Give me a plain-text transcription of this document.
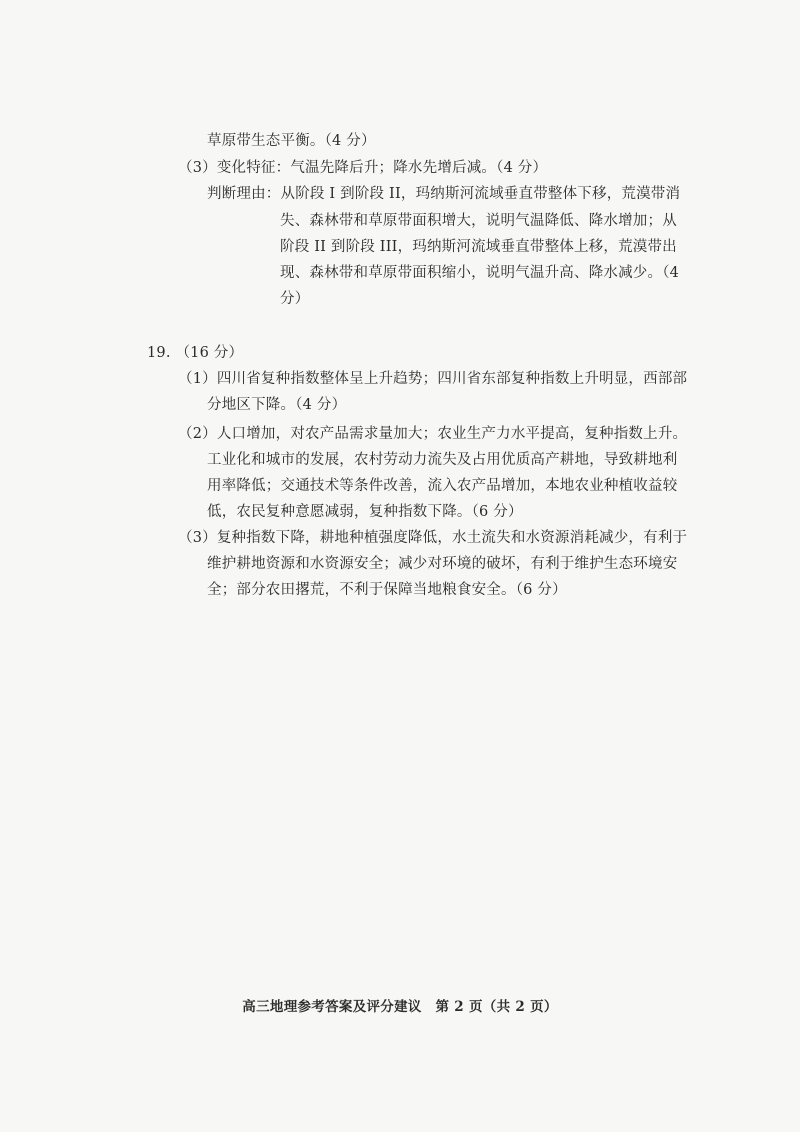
草原带生态平衡。（4 分）
（3）变化特征：气温先降后升；降水先增后减。（4 分）
判断理由：从阶段 I 到阶段 II，玛纳斯河流域垂直带整体下移，荒漠带消
失、森林带和草原带面积增大，说明气温降低、降水增加；从
阶段 II 到阶段 III，玛纳斯河流域垂直带整体上移，荒漠带出
现、森林带和草原带面积缩小，说明气温升高、降水减少。（4
分）
19. （16 分）
（1）四川省复种指数整体呈上升趋势；四川省东部复种指数上升明显，西部部
分地区下降。（4 分）
（2）人口增加，对农产品需求量加大；农业生产力水平提高，复种指数上升。
工业化和城市的发展，农村劳动力流失及占用优质高产耕地，导致耕地利
用率降低；交通技术等条件改善，流入农产品增加，本地农业种植收益较
低，农民复种意愿减弱，复种指数下降。（6 分）
（3）复种指数下降，耕地种植强度降低，水土流失和水资源消耗减少，有利于
维护耕地资源和水资源安全；减少对环境的破坏，有利于维护生态环境安
全；部分农田撂荒，不利于保障当地粮食安全。（6 分）
高三地理参考答案及评分建议　第 2 页（共 2 页）
